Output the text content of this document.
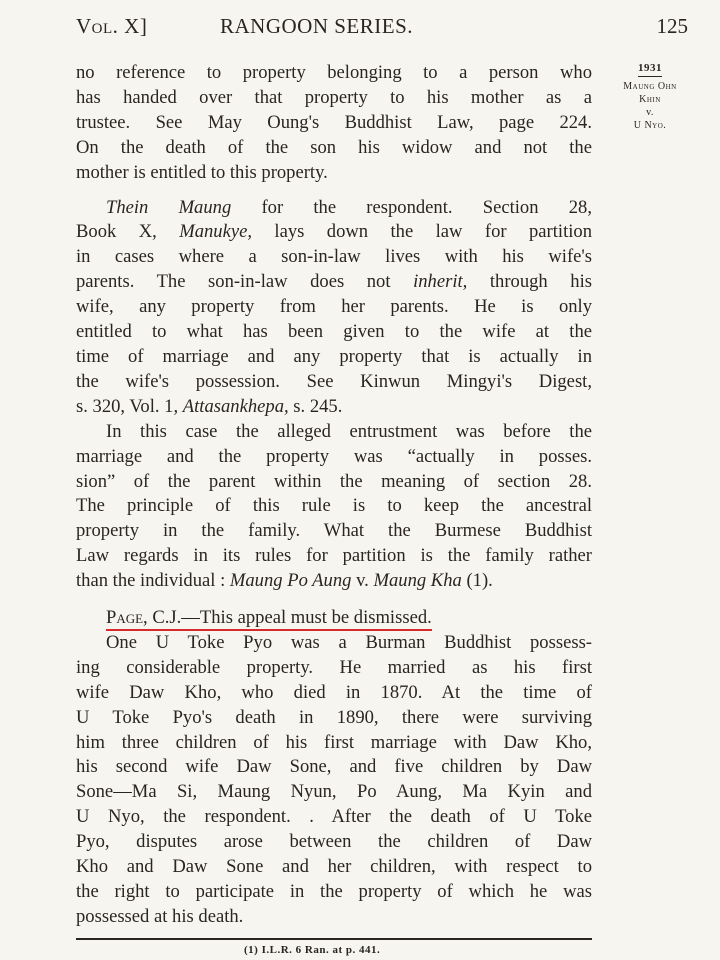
Vol. X]	RANGOON SERIES.	125
1931
Maung Ohn
Khin
v.
U Nyo.

no reference to property belonging to a person who

has handed over that property to his mother as a

trustee. See May Oung's Buddhist Law, page 224.

On the death of the son his widow and not the

mother is entitled to this property.

Thein Maung for the respondent. Section 28,

Book X, Manukye, lays down the law for partition

in cases where a son-in-law lives with his wife's

parents. The son-in-law does not inherit, through his

wife, any property from her parents. He is only

entitled to what has been given to the wife at the

time of marriage and any property that is actually in

the wife's possession. See Kinwun Mingyi's Digest,

s. 320, Vol. 1, Attasankhepa, s. 245.

In this case the alleged entrustment was before the

marriage and the property was “actually in posses.

sion” of the parent within the meaning of section 28.

The principle of this rule is to keep the ancestral

property in the family. What the Burmese Buddhist

Law regards in its rules for partition is the family rather

than the individual : Maung Po Aung v. Maung Kha (1).

Page, C.J.—This appeal must be dismissed.

One U Toke Pyo was a Burman Buddhist possess-

ing considerable property. He married as his first

wife Daw Kho, who died in 1870. At the time of

U Toke Pyo's death in 1890, there were surviving

him three children of his first marriage with Daw Kho,

his second wife Daw Sone, and five children by Daw

Sone—Ma Si, Maung Nyun, Po Aung, Ma Kyin and

U Nyo, the respondent. . After the death of U Toke

Pyo, disputes arose between the children of Daw

Kho and Daw Sone and her children, with respect to

the right to participate in the property of which he was

possessed at his death.

(1) I.L.R. 6 Ran. at p. 441.
